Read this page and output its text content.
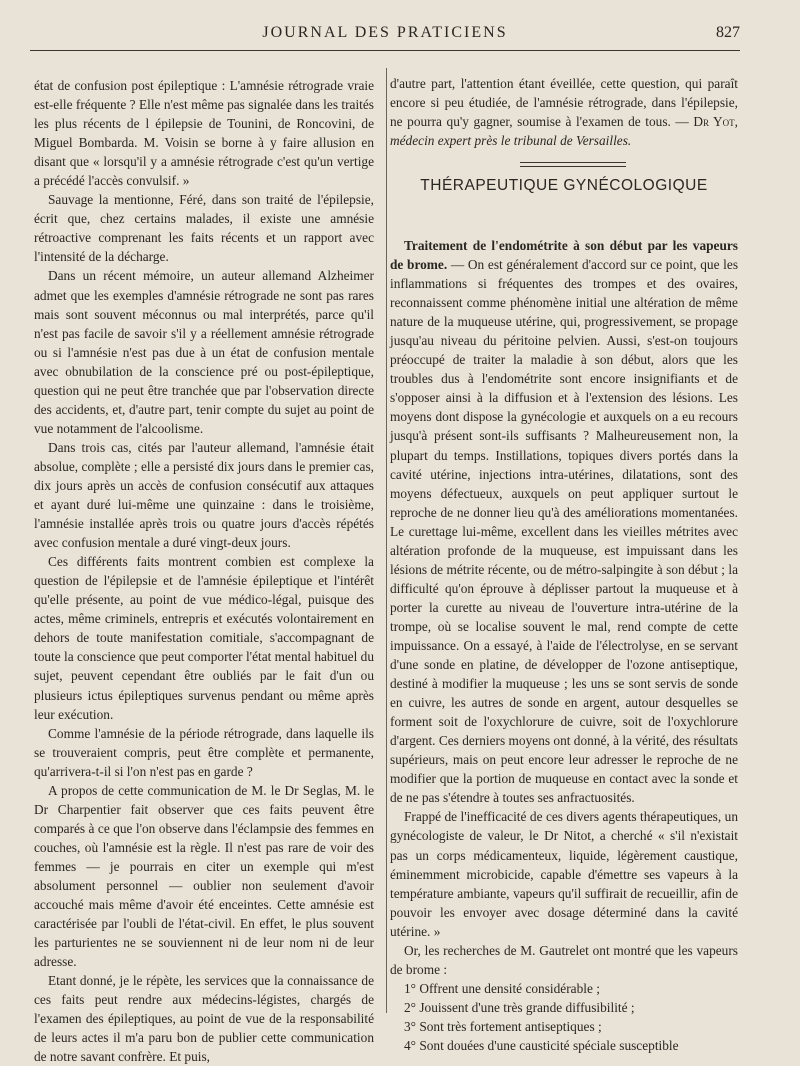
JOURNAL DES PRATICIENS	827

état de confusion post épileptique : L'amnésie rétrograde vraie est-elle fréquente ? Elle n'est même pas signalée dans les traités les plus récents de l épilepsie de Tounini, de Roncovini, de Miguel Bombarda. M. Voisin se borne à y faire allusion en disant que « lorsqu'il y a amnésie rétrograde c'est qu'un vertige a précédé l'accès convulsif. »

Sauvage la mentionne, Féré, dans son traité de l'épilepsie, écrit que, chez certains malades, il existe une amnésie rétroactive comprenant les faits récents et un rapport avec l'intensité de la décharge.

Dans un récent mémoire, un auteur allemand Alzheimer admet que les exemples d'amnésie rétrograde ne sont pas rares mais sont souvent méconnus ou mal interprétés, parce qu'il n'est pas facile de savoir s'il y a réellement amnésie rétrograde ou si l'amnésie n'est pas due à un état de confusion mentale avec obnubilation de la conscience pré ou post-épileptique, question qui ne peut être tranchée que par l'observation directe des accidents, et, d'autre part, tenir compte du sujet au point de vue notamment de l'alcoolisme.

Dans trois cas, cités par l'auteur allemand, l'amnésie était absolue, complète ; elle a persisté dix jours dans le premier cas, dix jours après un accès de confusion consécutif aux attaques et ayant duré lui-même une quinzaine : dans le troisième, l'amnésie installée après trois ou quatre jours d'accès répétés avec confusion mentale a duré vingt-deux jours.

Ces différents faits montrent combien est complexe la question de l'épilepsie et de l'amnésie épileptique et l'intérêt qu'elle présente, au point de vue médico-légal, puisque des actes, même criminels, entrepris et exécutés volontairement en dehors de toute manifestation comitiale, s'accompagnant de toute la conscience que peut comporter l'état mental habituel du sujet, peuvent cependant être oubliés par le fait d'un ou plusieurs ictus épileptiques survenus pendant ou même après leur exécution.

Comme l'amnésie de la période rétrograde, dans laquelle ils se trouveraient compris, peut être complète et permanente, qu'arrivera-t-il si l'on n'est pas en garde ?

A propos de cette communication de M. le Dr Seglas, M. le Dr Charpentier fait observer que ces faits peuvent être comparés à ce que l'on observe dans l'éclampsie des femmes en couches, où l'amnésie est la règle. Il n'est pas rare de voir des femmes — je pourrais en citer un exemple qui m'est absolument personnel — oublier non seulement d'avoir accouché mais même d'avoir été enceintes. Cette amnésie est caractérisée par l'oubli de l'état-civil. En effet, le plus souvent les parturientes ne se souviennent ni de leur nom ni de leur adresse.

Etant donné, je le répète, les services que la connaissance de ces faits peut rendre aux médecins-légistes, chargés de l'examen des épileptiques, au point de vue de la responsabilité de leurs actes il m'a paru bon de publier cette communication de notre savant confrère. Et puis,

d'autre part, l'attention étant éveillée, cette question, qui paraît encore si peu étudiée, de l'amnésie rétrograde, dans l'épilepsie, ne pourra qu'y gagner, soumise à l'examen de tous. — Dr Yot, médecin expert près le tribunal de Versailles.

THÉRAPEUTIQUE GYNÉCOLOGIQUE

Traitement de l'endométrite à son début par les vapeurs de brome. — On est généralement d'accord sur ce point, que les inflammations si fréquentes des trompes et des ovaires, reconnaissent comme phénomène initial une altération de même nature de la muqueuse utérine, qui, progressivement, se propage jusqu'au niveau du péritoine pelvien. Aussi, s'est-on toujours préoccupé de traiter la maladie à son début, alors que les troubles dus à l'endométrite sont encore insignifiants et de s'opposer ainsi à la diffusion et à l'extension des lésions. Les moyens dont dispose la gynécologie et auxquels on a eu recours jusqu'à présent sont-ils suffisants ? Malheureusement non, la plupart du temps. Instillations, topiques divers portés dans la cavité utérine, injections intra-utérines, dilatations, sont des moyens défectueux, auxquels on peut appliquer surtout le reproche de ne donner lieu qu'à des améliorations momentanées. Le curettage lui-même, excellent dans les vieilles métrites avec altération profonde de la muqueuse, est impuissant dans les lésions de métrite récente, ou de métro-salpingite à son début ; la difficulté qu'on éprouve à déplisser partout la muqueuse et à porter la curette au niveau de l'ouverture intra-utérine de la trompe, où se localise souvent le mal, rend compte de cette impuissance. On a essayé, à l'aide de l'électrolyse, en se servant d'une sonde en platine, de développer de l'ozone antiseptique, destiné à modifier la muqueuse ; les uns se sont servis de sonde en cuivre, les autres de sonde en argent, autour desquelles se forment soit de l'oxychlorure de cuivre, soit de l'oxychlorure d'argent. Ces derniers moyens ont donné, à la vérité, des résultats supérieurs, mais on peut encore leur adresser le reproche de ne modifier que la portion de muqueuse en contact avec la sonde et de ne pas s'étendre à toutes ses anfractuosités.

Frappé de l'inefficacité de ces divers agents thérapeutiques, un gynécologiste de valeur, le Dr Nitot, a cherché « s'il n'existait pas un corps médicamenteux, liquide, légèrement caustique, éminemment microbicide, capable d'émettre ses vapeurs à la température ambiante, vapeurs qu'il suffirait de recueillir, afin de pouvoir les envoyer avec dosage déterminé dans la cavité utérine. »

Or, les recherches de M. Gautrelet ont montré que les vapeurs de brome :

1° Offrent une densité considérable ;

2° Jouissent d'une très grande diffusibilité ;

3° Sont très fortement antiseptiques ;

4° Sont douées d'une causticité spéciale susceptible
